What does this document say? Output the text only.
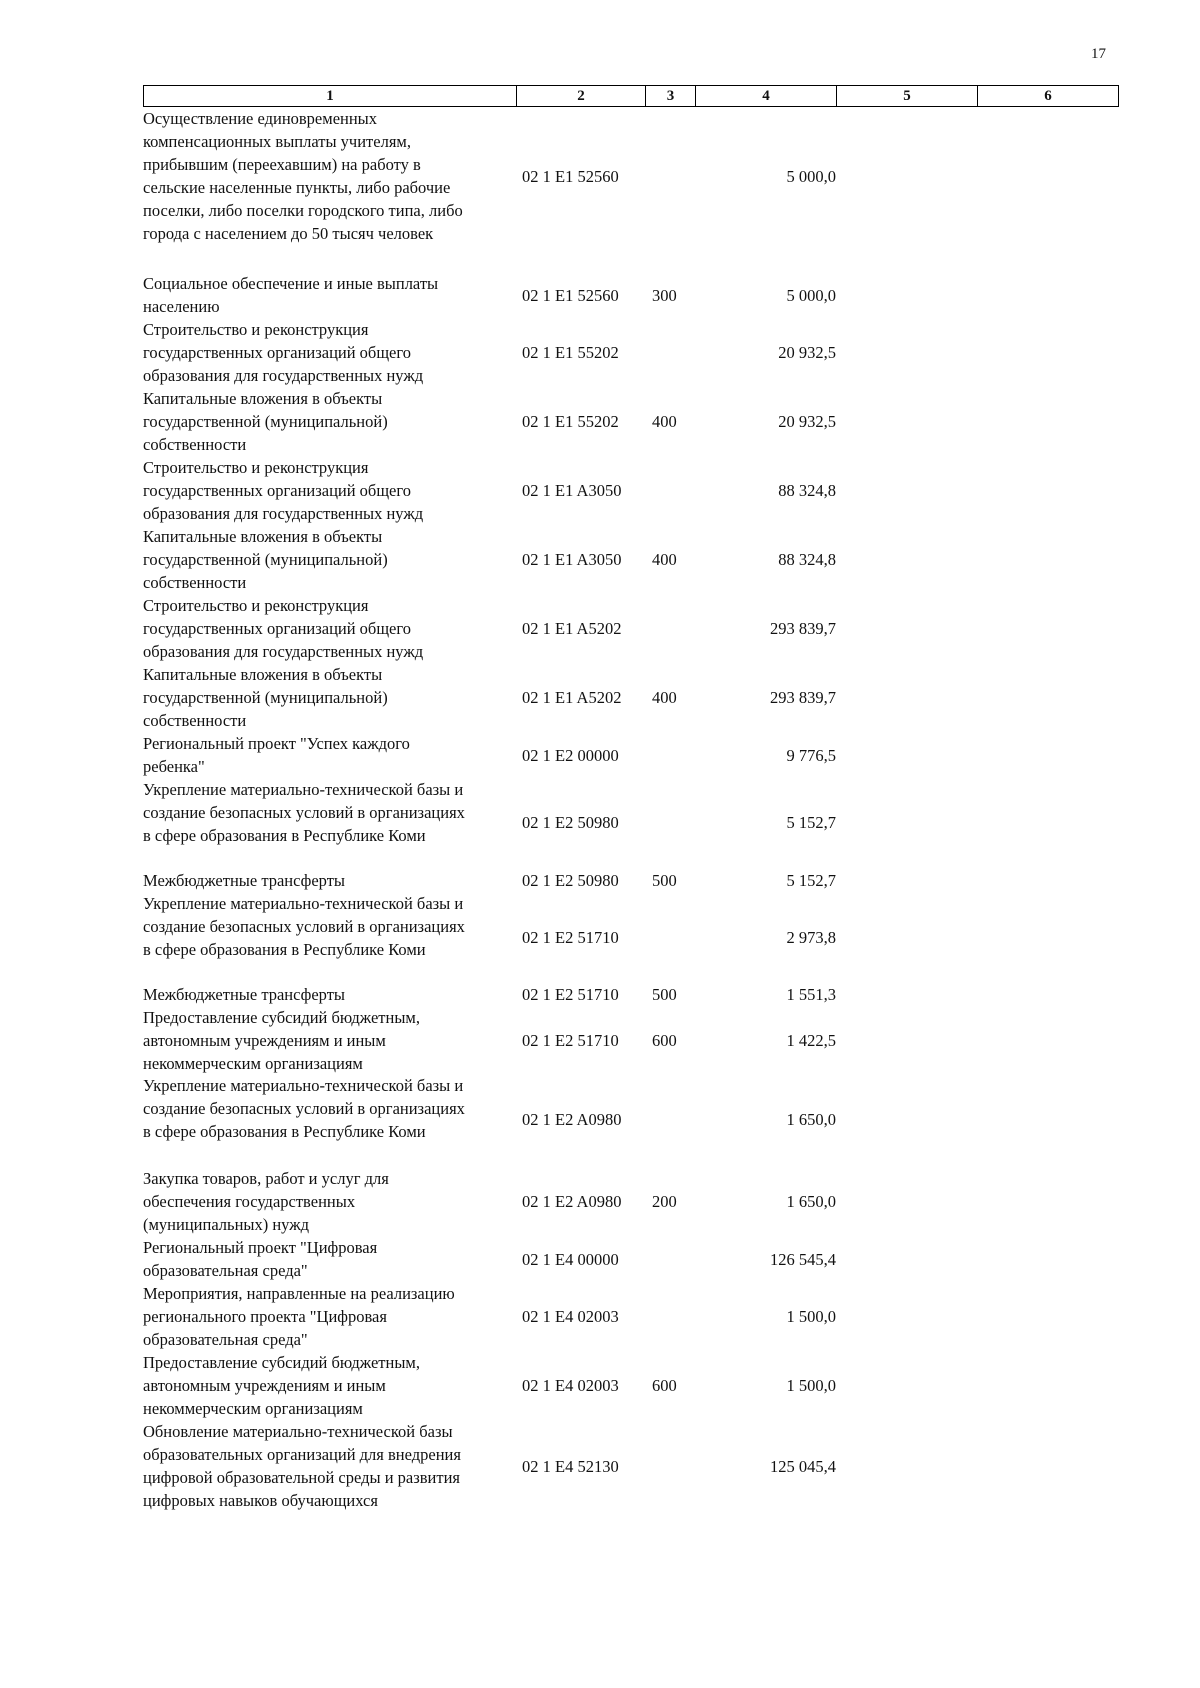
17
1	2	3	4	5	6
Осуществление единовременных
компенсационных выплаты учителям,
прибывшим (переехавшим) на работу в
сельские населенные пункты, либо рабочие
поселки, либо поселки городского типа, либо
города с населением до 50 тысяч человек
02 1 E1 52560	5 000,0
Социальное обеспечение и иные выплаты
населению
02 1 E1 52560 300	5 000,0
Строительство и реконструкция
государственных организаций общего
образования для государственных нужд
02 1 E1 55202	20 932,5
Капитальные вложения в объекты
государственной (муниципальной)
собственности
02 1 E1 55202 400	20 932,5
Строительство и реконструкция
государственных организаций общего
образования для государственных нужд
02 1 E1 A3050	88 324,8
Капитальные вложения в объекты
государственной (муниципальной)
собственности
02 1 E1 A3050 400	88 324,8
Строительство и реконструкция
государственных организаций общего
образования для государственных нужд
02 1 E1 A5202	293 839,7
Капитальные вложения в объекты
государственной (муниципальной)
собственности
02 1 E1 A5202 400	293 839,7
Региональный проект "Успех каждого
ребенка"
02 1 E2 00000	9 776,5
Укрепление материально-технической базы и
создание безопасных условий в организациях
в сфере образования в Республике Коми
02 1 E2 50980	5 152,7
Межбюджетные трансферты	02 1 E2 50980 500	5 152,7
Укрепление материально-технической базы и
создание безопасных условий в организациях
в сфере образования в Республике Коми
02 1 E2 51710	2 973,8
Межбюджетные трансферты	02 1 E2 51710 500	1 551,3
Предоставление субсидий бюджетным,
автономным учреждениям и иным
некоммерческим организациям
02 1 E2 51710 600	1 422,5
Укрепление материально-технической базы и
создание безопасных условий в организациях
в сфере образования в Республике Коми
02 1 E2 A0980	1 650,0
Закупка товаров, работ и услуг для
обеспечения государственных
(муниципальных) нужд
02 1 E2 A0980 200	1 650,0
Региональный проект "Цифровая
образовательная среда"
02 1 E4 00000	126 545,4
Мероприятия, направленные на реализацию
регионального проекта "Цифровая
образовательная среда"
02 1 E4 02003	1 500,0
Предоставление субсидий бюджетным,
автономным учреждениям и иным
некоммерческим организациям
02 1 E4 02003 600	1 500,0
Обновление материально-технической базы
образовательных организаций для внедрения
цифровой образовательной среды и развития
цифровых навыков обучающихся
02 1 E4 52130	125 045,4
